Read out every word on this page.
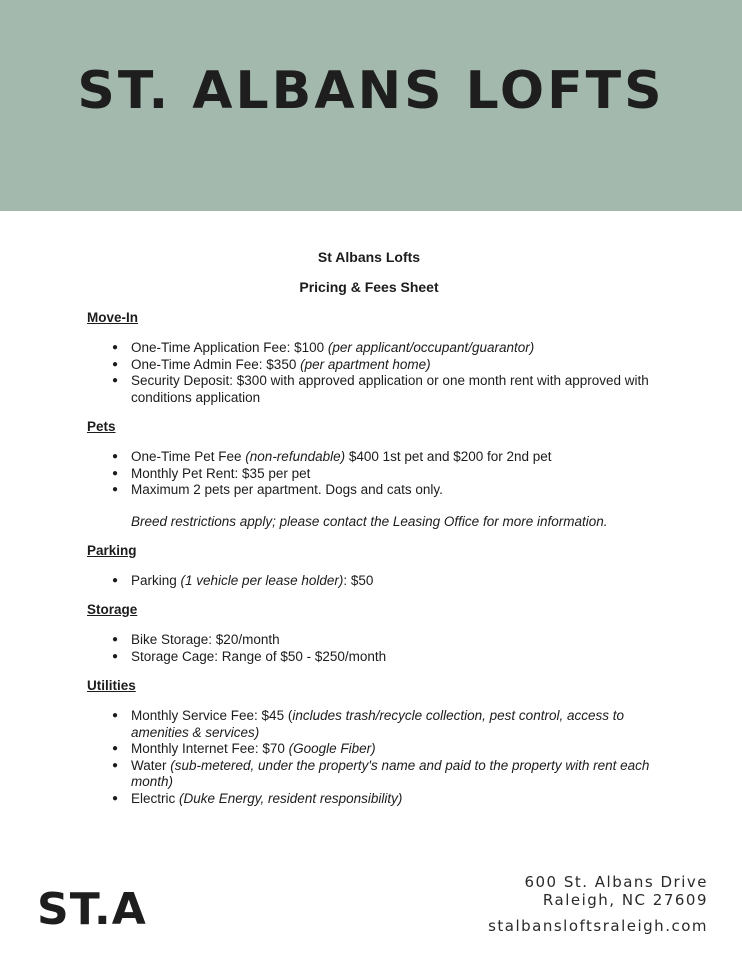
ST. ALBANS LOFTS
St Albans Lofts
Pricing & Fees Sheet
Move-In
● One-Time Application Fee: $100 (per applicant/occupant/guarantor)
● One-Time Admin Fee: $350 (per apartment home)
● Security Deposit: $300 with approved application or one month rent with approved with conditions application
Pets
● One-Time Pet Fee (non-refundable) $400 1st pet and $200 for 2nd pet
● Monthly Pet Rent: $35 per pet
● Maximum 2 pets per apartment. Dogs and cats only.
Breed restrictions apply; please contact the Leasing Office for more information.
Parking
● Parking (1 vehicle per lease holder): $50
Storage
● Bike Storage: $20/month
● Storage Cage: Range of $50 - $250/month
Utilities
● Monthly Service Fee: $45 (includes trash/recycle collection, pest control, access to amenities & services)
● Monthly Internet Fee: $70 (Google Fiber)
● Water (sub-metered, under the property's name and paid to the property with rent each month)
● Electric (Duke Energy, resident responsibility)
ST.A
600 St. Albans Drive
Raleigh, NC 27609
stalbansloftsraleigh.com
